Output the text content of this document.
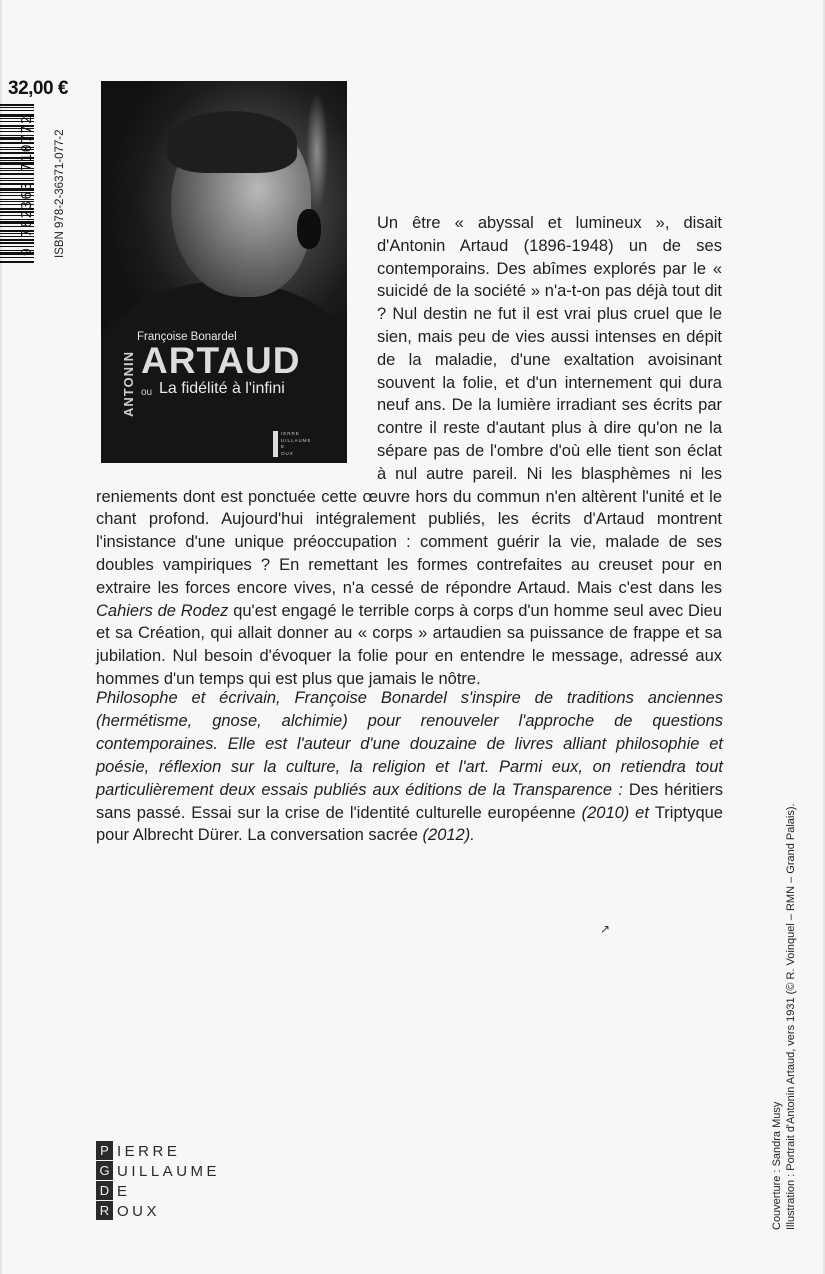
32,00 €
9 782363 710772 ISBN 978-2-36371-077-2
Françoise Bonardel
ANTONIN ARTAUD
ou La fidélité à l'infini
IERRE
UILLAUME
E
OUX
Un être « abyssal et lumineux », disait d'Antonin Artaud (1896-1948) un de ses contemporains. Des abîmes explorés par le « suicidé de la société » n'a-t-on pas déjà tout dit ? Nul destin ne fut il est vrai plus cruel que le sien, mais peu de vies aussi intenses en dépit de la maladie, d'une exaltation avoisinant souvent la folie, et d'un internement qui dura neuf ans. De la lumière irradiant ses écrits par contre il reste d'autant plus à dire qu'on ne la sépare pas de l'ombre d'où elle tient son éclat à nul autre pareil. Ni les blasphèmes ni les reniements dont est ponctuée cette œuvre hors du commun n'en altèrent l'unité et le chant profond. Aujourd'hui intégralement publiés, les écrits d'Artaud montrent l'insistance d'une unique préoccupation : comment guérir la vie, malade de ses doubles vampiriques ? En remettant les formes contrefaites au creuset pour en extraire les forces encore vives, n'a cessé de répondre Artaud. Mais c'est dans les Cahiers de Rodez qu'est engagé le terrible corps à corps d'un homme seul avec Dieu et sa Création, qui allait donner au « corps » artaudien sa puissance de frappe et sa jubilation. Nul besoin d'évoquer la folie pour en entendre le message, adressé aux hommes d'un temps qui est plus que jamais le nôtre.
Philosophe et écrivain, Françoise Bonardel s'inspire de traditions anciennes (hermétisme, gnose, alchimie) pour renouveler l'approche de questions contemporaines. Elle est l'auteur d'une douzaine de livres alliant philosophie et poésie, réflexion sur la culture, la religion et l'art. Parmi eux, on retiendra tout particulièrement deux essais publiés aux éditions de la Transparence : Des héritiers sans passé. Essai sur la crise de l'identité culturelle européenne (2010) et Triptyque pour Albrecht Dürer. La conversation sacrée (2012).
↗
Couverture : Sandra Musy Illustration : Portrait d'Antonin Artaud, vers 1931 (© R. Voinquel – RMN – Grand Palais).
P IERRE
G UILLAUME
D E
R OUX
